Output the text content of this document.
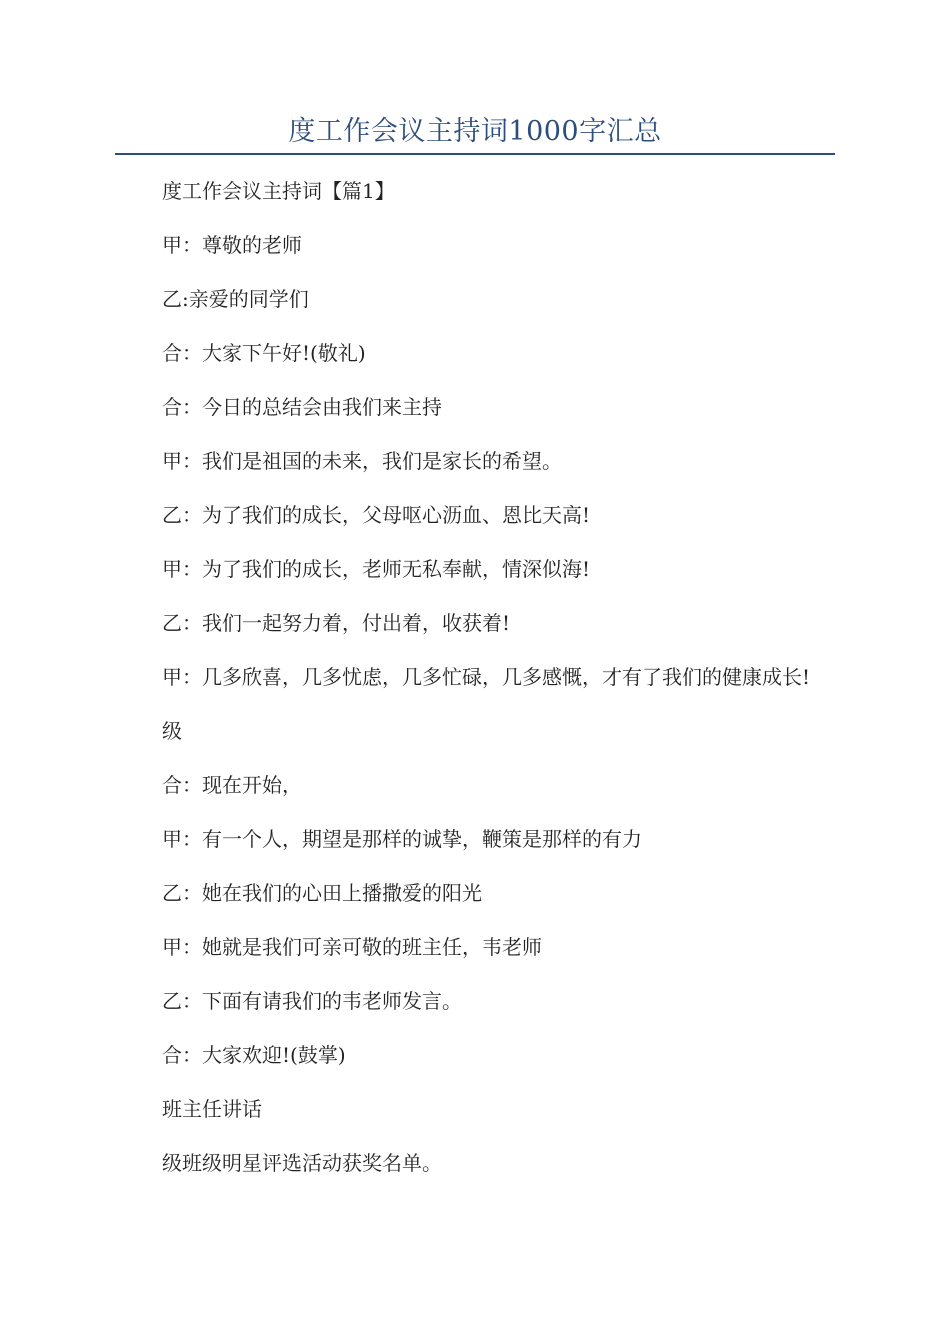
度工作会议主持词1000字汇总

度工作会议主持词【篇1】

甲：尊敬的老师

乙:亲爱的同学们

合：大家下午好!(敬礼)

合：今日的总结会由我们来主持

甲：我们是祖国的未来，我们是家长的希望。

乙：为了我们的成长，父母呕心沥血、恩比天高!

甲：为了我们的成长，老师无私奉献，情深似海!

乙：我们一起努力着，付出着，收获着!

甲：几多欣喜，几多忧虑，几多忙碌，几多感慨，才有了我们的健康成长!

级

合：现在开始，

甲：有一个人，期望是那样的诚挚，鞭策是那样的有力

乙：她在我们的心田上播撒爱的阳光

甲：她就是我们可亲可敬的班主任，韦老师

乙：下面有请我们的韦老师发言。

合：大家欢迎!(鼓掌)

班主任讲话

级班级明星评选活动获奖名单。
